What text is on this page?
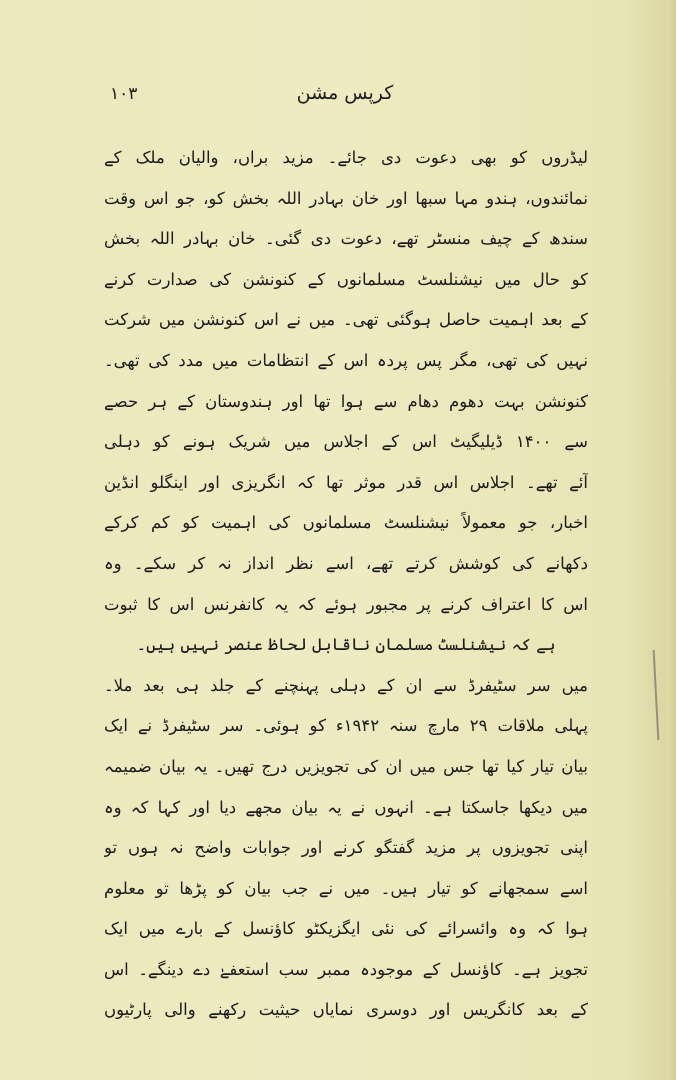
کرپس مشن
۱۰۳
لیڈروں کو بھی دعوت دی جائے۔ مزید براں، والیان ملک کے
نمائندوں، ہندو مہا سبھا اور خان بہادر اللہ بخش کو، جو اس وقت
سندھ کے چیف منسٹر تھے، دعوت دی گئی۔ خان بہادر اللہ بخش
کو حال میں نیشنلسٹ مسلمانوں کے کنونشن کی صدارت کرنے
کے بعد اہمیت حاصل ہوگئی تھی۔ میں نے اس کنونشن میں شرکت
نہیں کی تھی، مگر پس پردہ اس کے انتظامات میں مدد کی تھی۔
کنونشن بہت دھوم دھام سے ہوا تھا اور ہندوستان کے ہر حصے
سے ۱۴۰۰ ڈیلیگیٹ اس کے اجلاس میں شریک ہونے کو دہلی
آئے تھے۔ اجلاس اس قدر موثر تھا کہ انگریزی اور اینگلو انڈین
اخبار، جو معمولاً نیشنلسٹ مسلمانوں کی اہمیت کو کم کرکے
دکھانے کی کوشش کرتے تھے، اسے نظر انداز نہ کر سکے۔ وہ
اس کا اعتراف کرنے پر مجبور ہوئے کہ یہ کانفرنس اس کا ثبوت
ہے کہ نیشنلسٹ مسلمان ناقابل لحاظ عنصر نہیں ہیں۔
میں سر سٹیفرڈ سے ان کے دہلی پہنچنے کے جلد ہی بعد ملا۔
پہلی ملاقات ۲۹ مارچ سنہ ۱۹۴۲ء کو ہوئی۔ سر سٹیفرڈ نے ایک
بیان تیار کیا تھا جس میں ان کی تجویزیں درج تھیں۔ یہ بیان ضمیمہ
میں دیکھا جاسکتا ہے۔ انہوں نے یہ بیان مجھے دیا اور کہا کہ وہ
اپنی تجویزوں پر مزید گفتگو کرنے اور جوابات واضح نہ ہوں تو
اسے سمجھانے کو تیار ہیں۔ میں نے جب بیان کو پڑھا تو معلوم
ہوا کہ وہ وائسرائے کی نئی ایگزیکٹو کاؤنسل کے بارے میں ایک
تجویز ہے۔ کاؤنسل کے موجودہ ممبر سب استعفےٰ دے دینگے۔ اس
کے بعد کانگریس اور دوسری نمایاں حیثیت رکھنے والی پارٹیوں
